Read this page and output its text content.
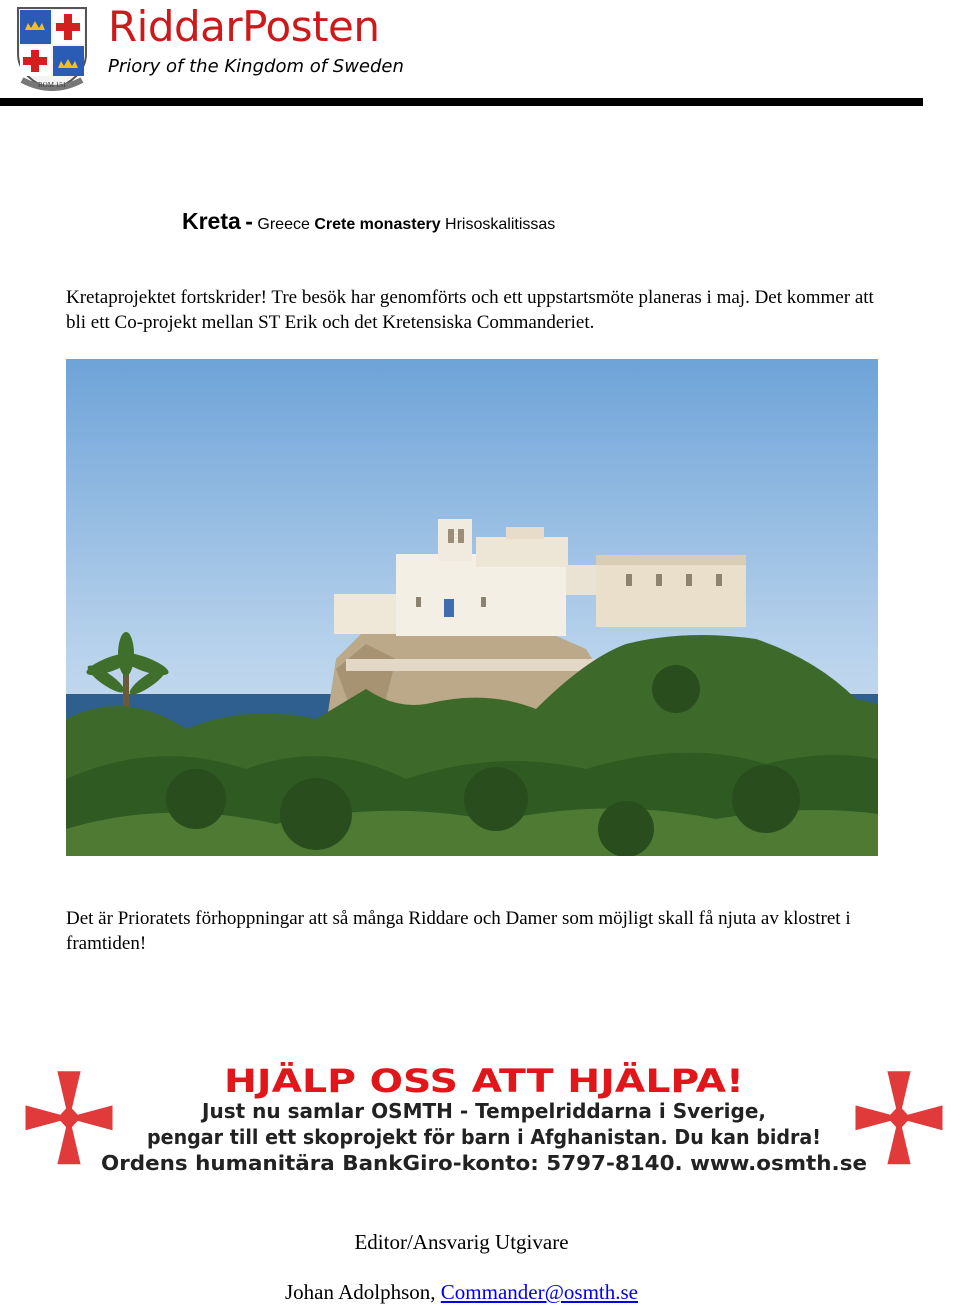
ROM 151
RiddarPosten
Priory of the Kingdom of Sweden
Kreta - Greece Crete monastery Hrisoskalitissas

Kretaprojektet fortskrider! Tre besök har genomförts och ett uppstartsmöte planeras i maj. Det kommer att bli ett Co-projekt mellan ST Erik och det Kretensiska Commanderiet.

Det är Prioratets förhoppningar att så många Riddare och Damer som möjligt skall få njuta av klostret i framtiden!

HJÄLP OSS ATT HJÄLPA!
Just nu samlar OSMTH - Tempelriddarna i Sverige,
pengar till ett skoprojekt för barn i Afghanistan. Du kan bidra!
Ordens humanitära BankGiro-konto: 5797-8140. www.osmth.se
Editor/Ansvarig Utgivare
Johan Adolphson, Commander@osmth.se
